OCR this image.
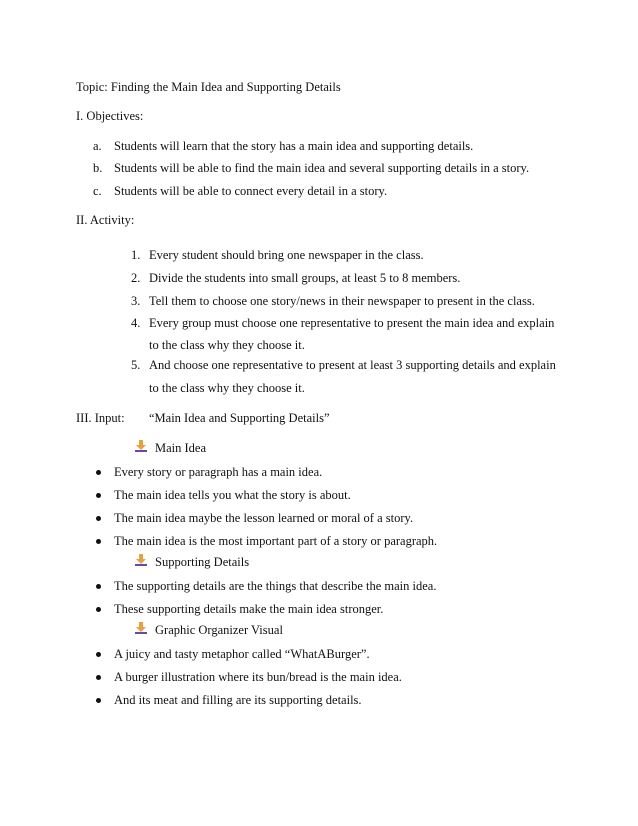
Topic: Finding the Main Idea and Supporting Details
I. Objectives:
a. Students will learn that the story has a main idea and supporting details.
b. Students will be able to find the main idea and several supporting details in a story.
c. Students will be able to connect every detail in a story.
II. Activity:
1. Every student should bring one newspaper in the class.
2. Divide the students into small groups, at least 5 to 8 members.
3. Tell them to choose one story/news in their newspaper to present in the class.
4. Every group must choose one representative to present the main idea and explain
to the class why they choose it.
5. And choose one representative to present at least 3 supporting details and explain
to the class why they choose it.
III. Input: “Main Idea and Supporting Details”
Main Idea
Every story or paragraph has a main idea.
The main idea tells you what the story is about.
The main idea maybe the lesson learned or moral of a story.
The main idea is the most important part of a story or paragraph.
Supporting Details
The supporting details are the things that describe the main idea.
These supporting details make the main idea stronger.
Graphic Organizer Visual
A juicy and tasty metaphor called “WhatABurger”.
A burger illustration where its bun/bread is the main idea.
And its meat and filling are its supporting details.
